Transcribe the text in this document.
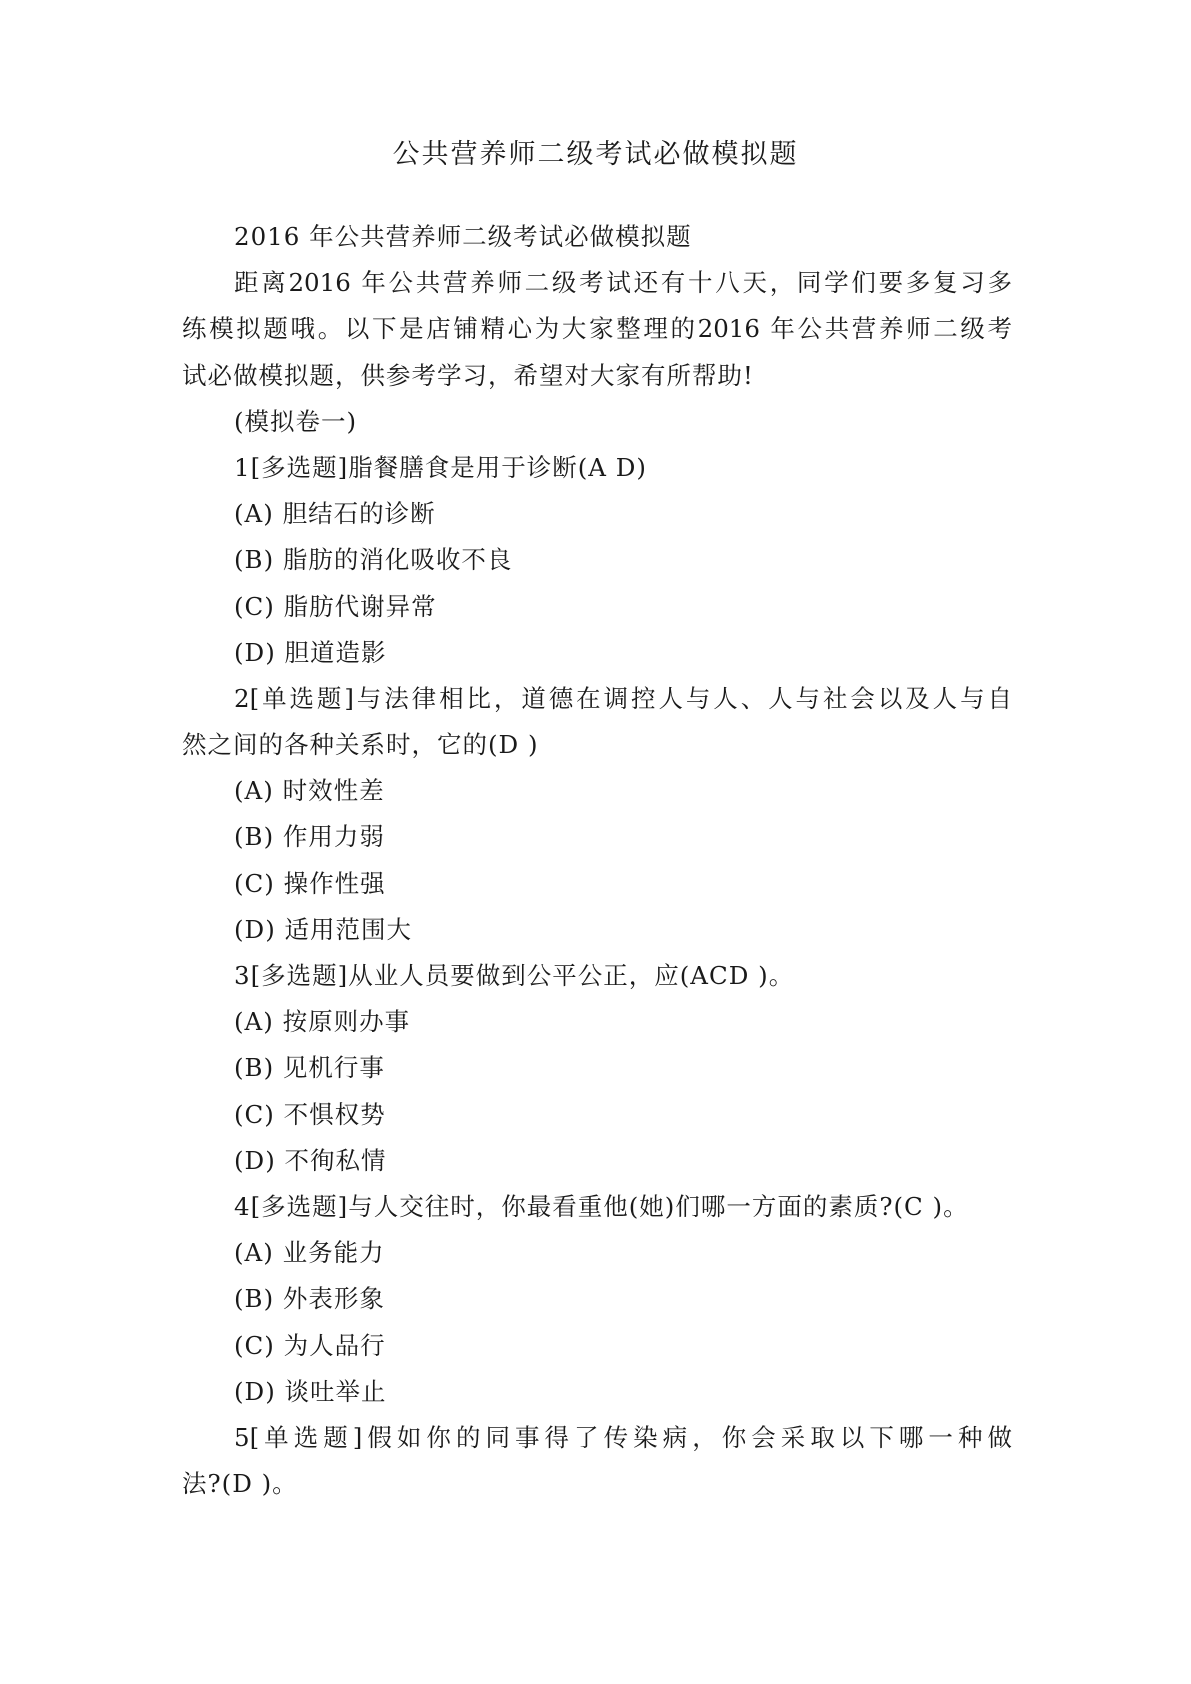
公共营养师二级考试必做模拟题
2016 年公共营养师二级考试必做模拟题
距离2016 年公共营养师二级考试还有十八天，同学们要多复习多
练模拟题哦。以下是店铺精心为大家整理的2016 年公共营养师二级考
试必做模拟题，供参考学习，希望对大家有所帮助!
(模拟卷一)
1[多选题]脂餐膳食是用于诊断(A D)
(A) 胆结石的诊断
(B) 脂肪的消化吸收不良
(C) 脂肪代谢异常
(D) 胆道造影
2[单选题]与法律相比，道德在调控人与人、人与社会以及人与自
然之间的各种关系时，它的(D )
(A) 时效性差
(B) 作用力弱
(C) 操作性强
(D) 适用范围大
3[多选题]从业人员要做到公平公正，应(ACD )。
(A) 按原则办事
(B) 见机行事
(C) 不惧权势
(D) 不徇私情
4[多选题]与人交往时，你最看重他(她)们哪一方面的素质?(C )。
(A) 业务能力
(B) 外表形象
(C) 为人品行
(D) 谈吐举止
5[单选题]假如你的同事得了传染病，你会采取以下哪一种做
法?(D )。
